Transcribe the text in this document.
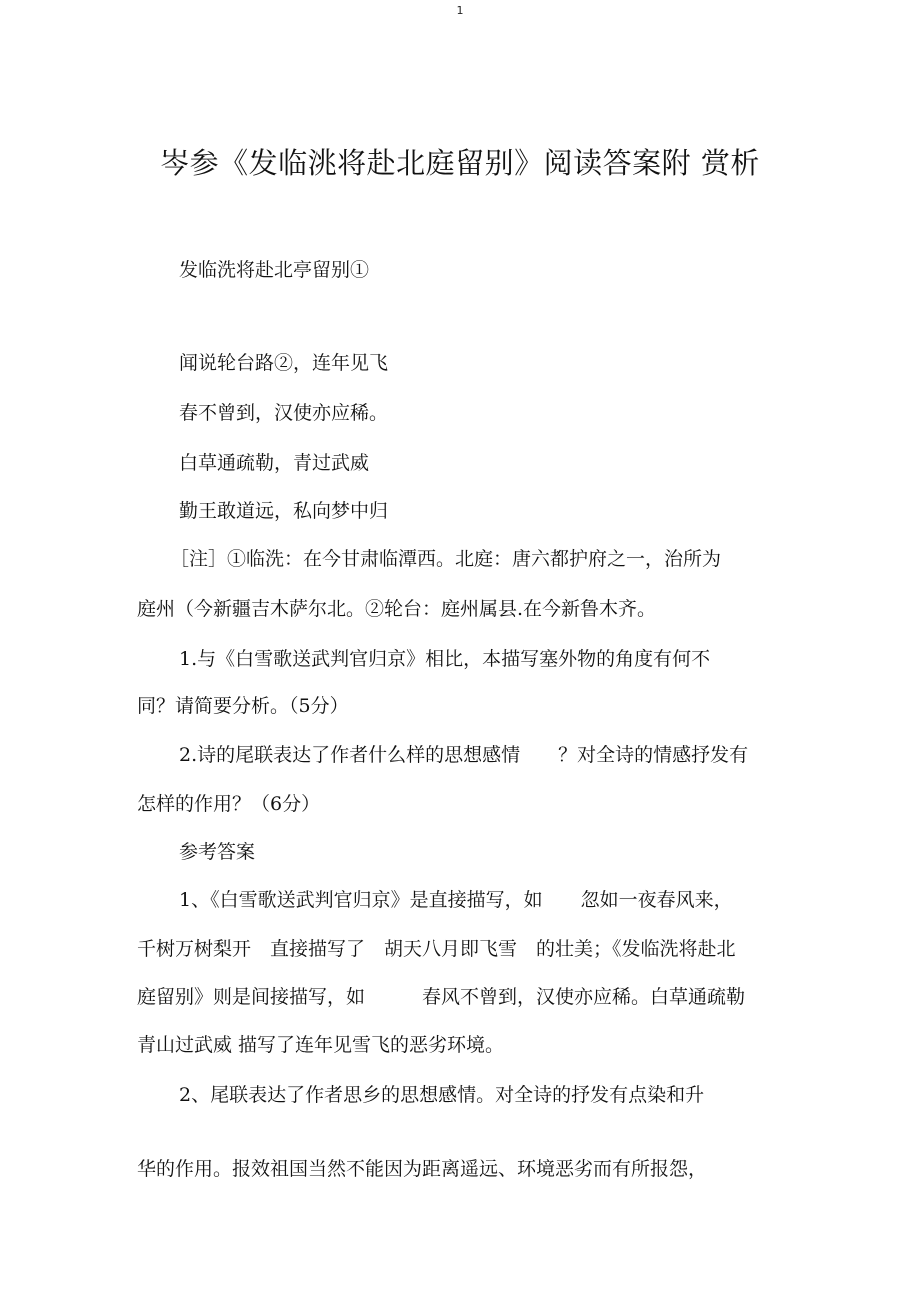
1
岑参《发临洮将赴北庭留别》阅读答案附 赏析
发临洗将赴北亭留别①
闻说轮台路②，连年见飞
春不曾到，汉使亦应稀。
白草通疏勒，青过武威
勤王敢道远，私向梦中归
［注］①临洗：在今甘肃临潭西。北庭：唐六都护府之一，治所为
庭州（今新疆吉木萨尔北。②轮台：庭州属县.在今新鲁木齐。
1.与《白雪歌送武判官归京》相比，本描写塞外物的角度有何不
同？请简要分析。（5分）
2.诗的尾联表达了作者什么样的思想感情　　？对全诗的情感抒发有
怎样的作用？（6分）
参考答案
1、《白雪歌送武判官归京》是直接描写，如　　忽如一夜春风来，
千树万树梨开　直接描写了　胡天八月即飞雪　的壮美；《发临洗将赴北
庭留别》则是间接描写，如　　　春风不曾到，汉使亦应稀。白草通疏勒
青山过武威 描写了连年见雪飞的恶劣环境。
2、尾联表达了作者思乡的思想感情。对全诗的抒发有点染和升
华的作用。报效祖国当然不能因为距离遥远、环境恶劣而有所报怨，
